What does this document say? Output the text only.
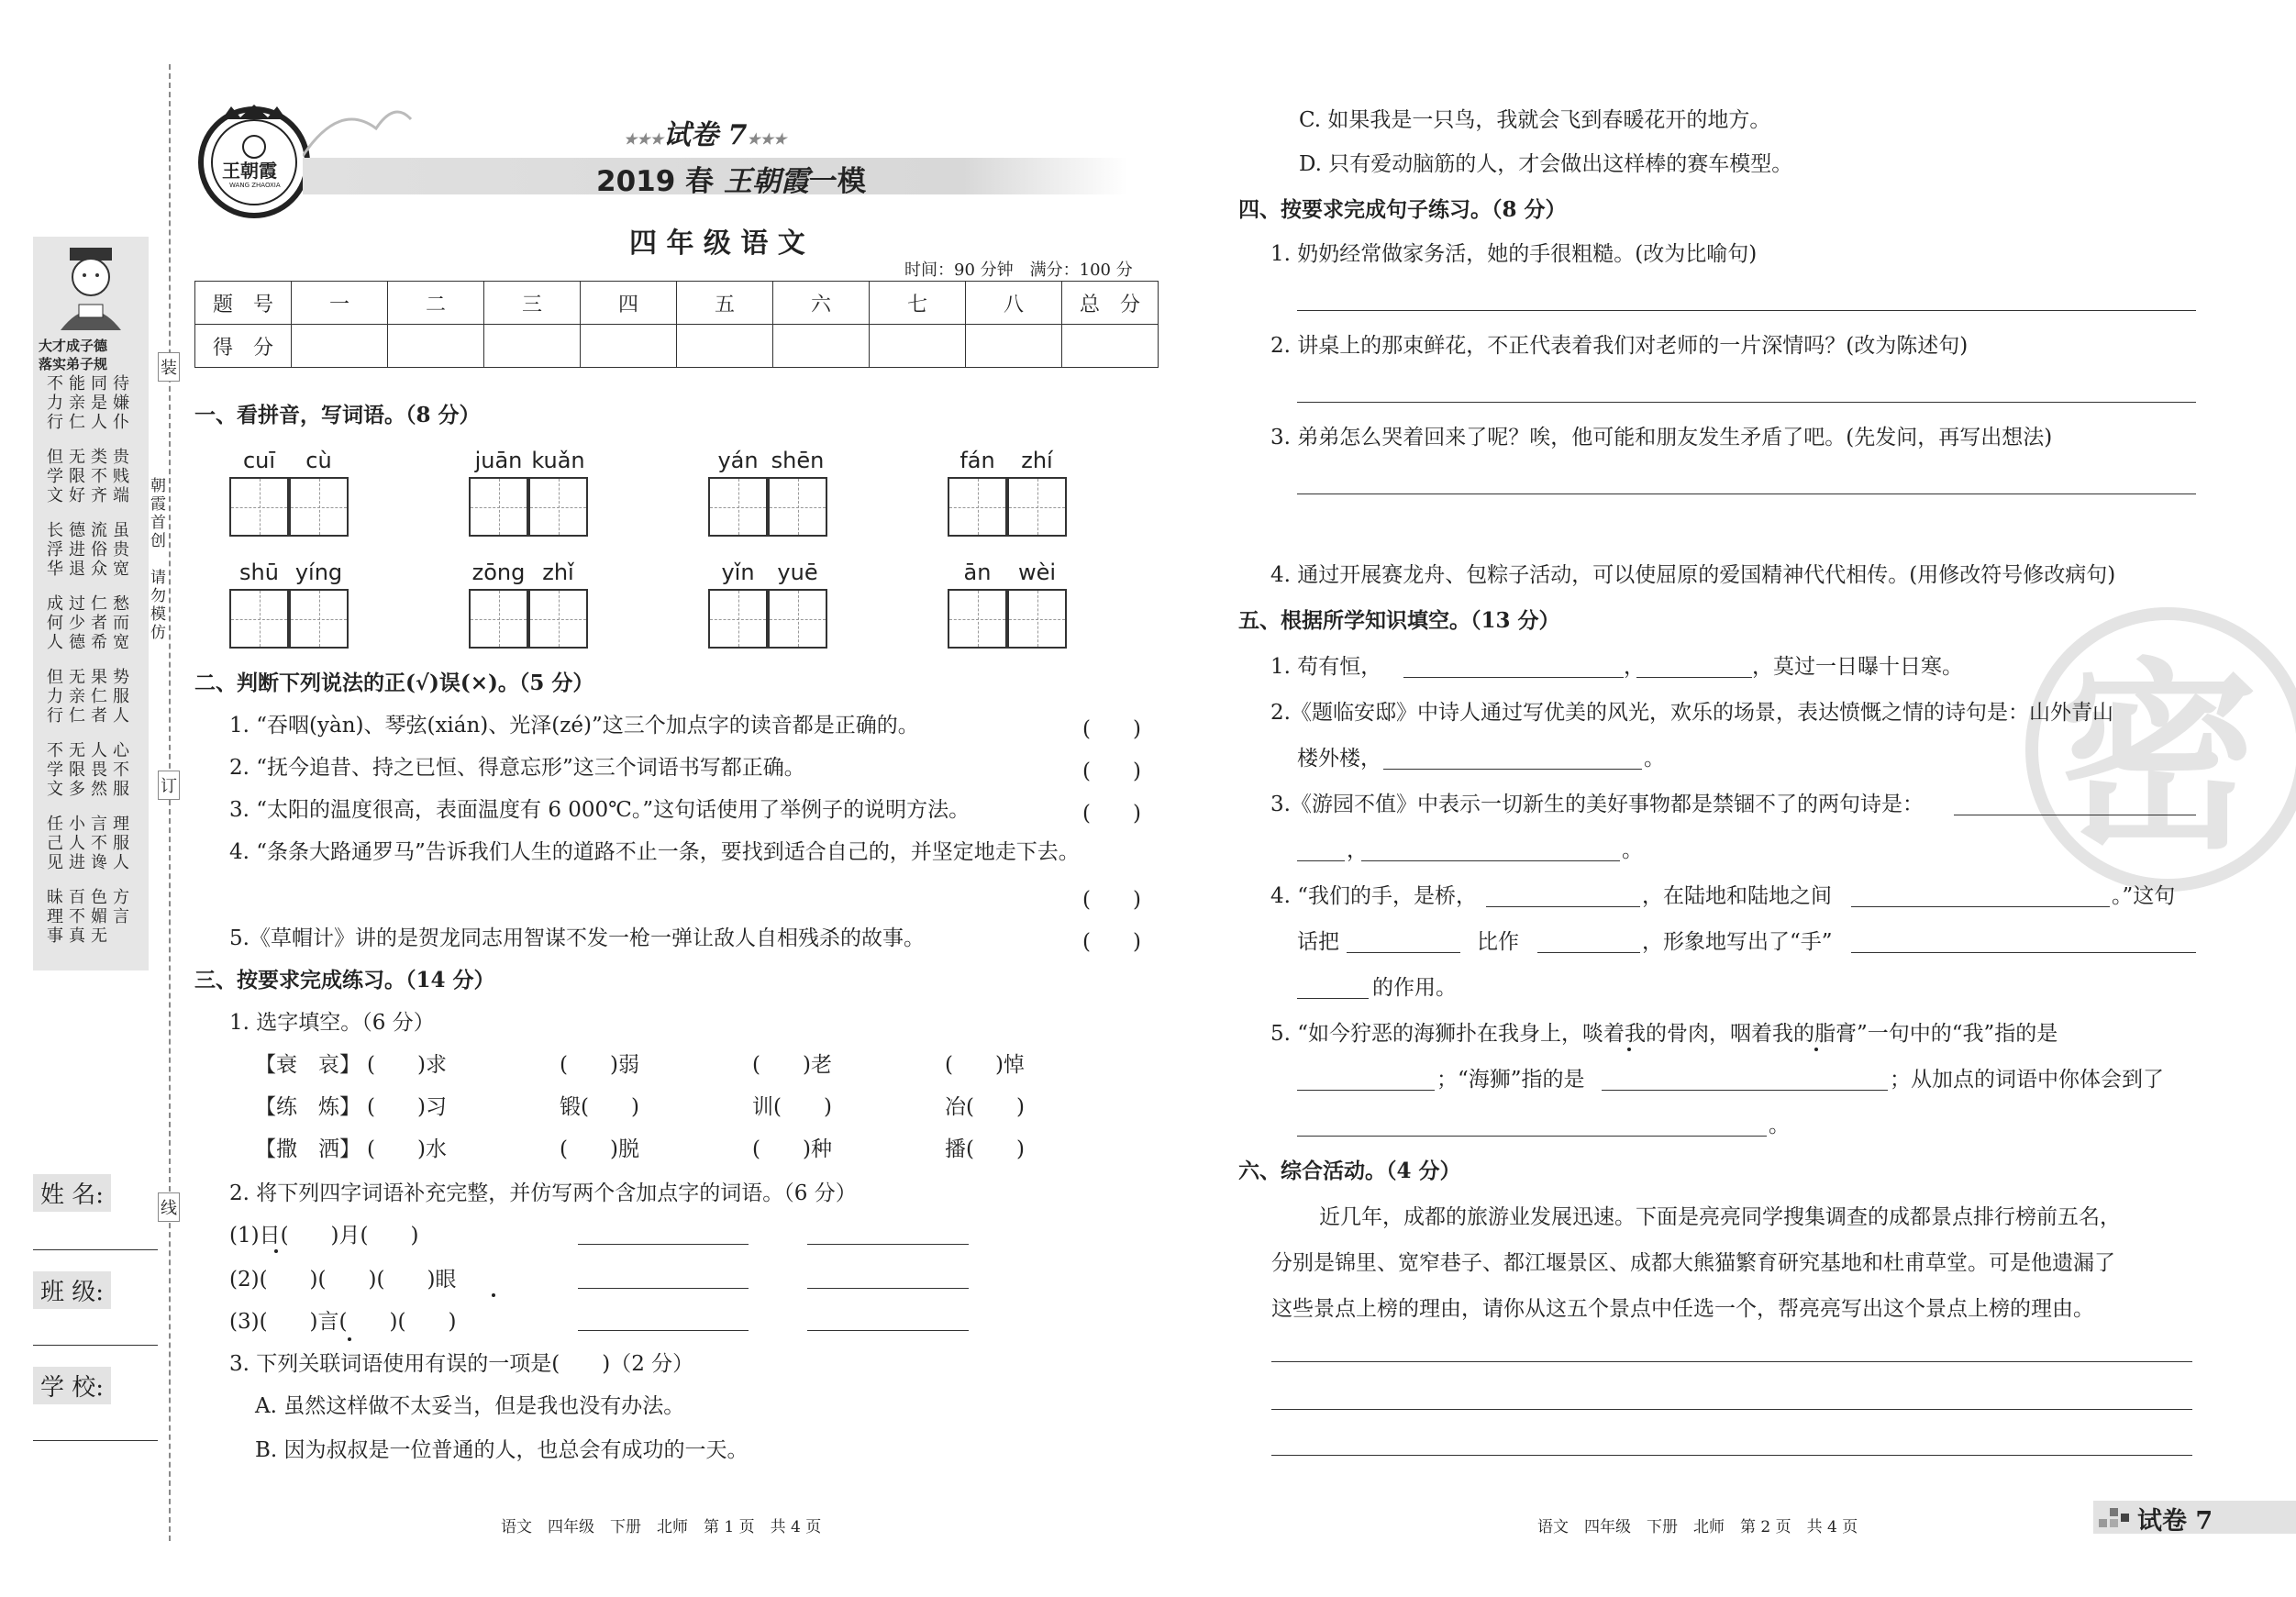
装
订
线
朝霞首创
请勿模仿
大才成子德
落实弟子规
不力行
能亲仁
同是人
待嫌仆
但学文
无限好
类不齐
贵贱端
长浮华
德进退
流俗众
虽贵宽
成何人
过少德
仁者希
愁而宽
但力行
无亲仁
果仁者
势服人
不学文
无限多
人畏然
心不服
任己见
小人进
言不谗
理服人
昧理事
百不真
色媚无
方言
姓 名:
班 级:
学 校:
王朝霞
WANG ZHAOXIA
★★★试卷 7★★★
2019 春 王朝霞一模
四 年 级 语 文
时间：90 分钟　满分：100 分
题　号	一	二	三	四	五	六	七	八	总　分
得　分									
一、看拼音，写词语。（8 分）
cuī	cù	juān kuǎn	yán shēn	fán	zhí
shū yíng	zōng zhǐ	yǐn	yuē	ān	wèi
二、判断下列说法的正(√)误(×)。（5 分）
1. “吞咽(yàn)、琴弦(xián)、光泽(zé)”这三个加点字的读音都是正确的。	(　　)
2. “抚今追昔、持之已恒、得意忘形”这三个词语书写都正确。	(　　)
3. “太阳的温度很高，表面温度有 6 000℃。”这句话使用了举例子的说明方法。	(　　)
4. “条条大路通罗马”告诉我们人生的道路不止一条，要找到适合自己的，并坚定地走下去。
(　　)
5.《草帽计》讲的是贺龙同志用智谋不发一枪一弹让敌人自相残杀的故事。	(　　)
三、按要求完成练习。（14 分）
1. 选字填空。（6 分）
【衰　哀】 (　　)求	(　　)弱	(　　)老	(　　)悼
【练　炼】 (　　)习	锻(　　)	训(　　)	冶(　　)
【撒　洒】 (　　)水	(　　)脱	(　　)种	播(　　)
2. 将下列四字词语补充完整，并仿写两个含加点字的词语。（6 分）
(1)日(　　)月(　　)
(2)(　　)(　　)(　　)眼
(3)(　　)言(　　)(　　)
3. 下列关联词语使用有误的一项是(　　)（2 分）
A. 虽然这样做不太妥当，但是我也没有办法。
B. 因为叔叔是一位普通的人，也总会有成功的一天。
语文　四年级　下册　北师　第 1 页　共 4 页
密
C. 如果我是一只鸟，我就会飞到春暖花开的地方。
D. 只有爱动脑筋的人，才会做出这样棒的赛车模型。
四、按要求完成句子练习。（8 分）
1. 奶奶经常做家务活，她的手很粗糙。(改为比喻句)
2. 讲桌上的那束鲜花，不正代表着我们对老师的一片深情吗？(改为陈述句)
3. 弟弟怎么哭着回来了呢？唉，他可能和朋友发生矛盾了吧。(先发问，再写出想法)
4. 通过开展赛龙舟、包粽子活动，可以使屈原的爱国精神代代相传。(用修改符号修改病句)
五、根据所学知识填空。（13 分）
1. 苟有恒，	，	，莫过一日曝十日寒。
2.《题临安邸》中诗人通过写优美的风光，欢乐的场景，表达愤慨之情的诗句是：山外青山
楼外楼，	。
3.《游园不值》中表示一切新生的美好事物都是禁锢不了的两句诗是：
，	。
4. “我们的手，是桥，	，在陆地和陆地之间	。”这句
话把	比作	，形象地写出了“手”
的作用。
5. “如今狞恶的海狮扑在我身上，啖着我的骨肉，咽着我的脂膏”一句中的“我”指的是
；“海狮”指的是	；从加点的词语中你体会到了
。
六、综合活动。（4 分）
近几年，成都的旅游业发展迅速。下面是亮亮同学搜集调查的成都景点排行榜前五名，
分别是锦里、宽窄巷子、都江堰景区、成都大熊猫繁育研究基地和杜甫草堂。可是他遗漏了
这些景点上榜的理由，请你从这五个景点中任选一个，帮亮亮写出这个景点上榜的理由。
语文　四年级　下册　北师　第 2 页　共 4 页	试卷 7
